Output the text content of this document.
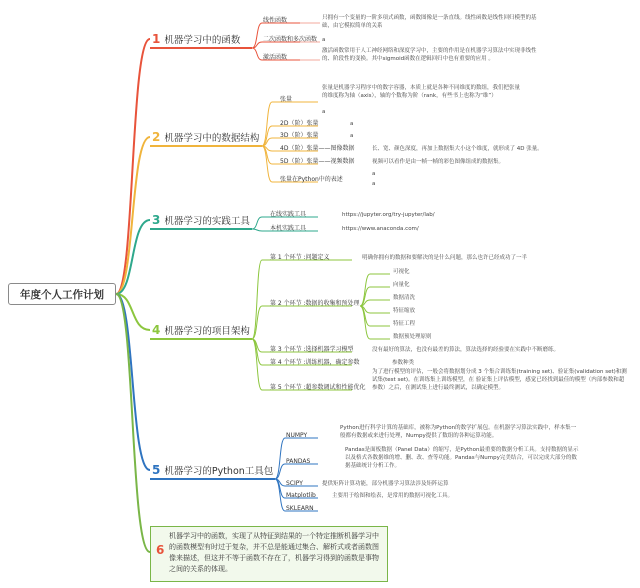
年度个人工作计划
1 机器学习中的函数
线性函数	只拥有一个变量的一阶多项式函数，函数图像是一条直线。线性函数是线性回归模型的基础，由它模拟简单的关系
二次函数和多次函数 a
激活函数
激活函数常用于人工神经网络和深度学习中，主要的作用是在机器学习算法中实现非线性的、阶段性的变换。其中sigmoid函数在逻辑回归中也有重要的应用 。
2 机器学习中的数据结构
张量
张量是机器学习程序中的数字容器，本质上就是各种不同维度的数组，我们把张量的维度称为轴（axis），轴的个数称为阶（rank，有些书上也称为“维”）
a
2D（阶）张量	a
3D（阶）张量	a
4D（阶）张量——图像数据	长、宽、颜色深度，再加上数据集大小这个维度，就形成了 4D 张量。
5D（阶）张量——视频数据	视频可以看作是由一帧一帧的彩色图像组成的数据集。
张量在Python中的表述
a
a
3 机器学习的实践工具
在线实践工具	https://jupyter.org/try-jupyter/lab/
本机实践工具	https://www.anaconda.com/
4 机器学习的项目架构
第 1 个环节 :问题定义	明确你拥有的数据和要解决的是什么问题，那么也许已经成功了一半
第 2 个环节 :数据的收集和预处理
可视化
向量化
数据清洗
特征缩放
特征工程
数据预处理原则
第 3 个环节 :选择机器学习模型	没有最好的算法，也没有最差的算法，算法选择的经验要在实践中不断磨练。
第 4 个环节 :训练机器，确定参数	参数种类
第 5 个环节 :超参数调试和性能优化
为了进行模型的评估，一般会将数据划分成 3 个集合训练集(training set)、验证集(validation set)和测试集(test set)。在训练集上训练模型，在 验证集上评估模型，感觉已经找到最佳的模型（内部参数和超参数）之后，在测试集上进行最终测试，以确定模型。
5 机器学习的Python工具包
NUMPY
Python进行科学计算的基础库，被称为Python的数学扩展包。在机器学习算法实践中，样本集一般都有数据或来进行处理，Numpy提供了数组的各种运算功能。
PANDAS
Pandas是面板数据（Panel Data）的缩写，是Python最重要的数据分析工具。支持数据的显示以及格式各数据维的增、删、改、查等功能。Pandas与Numpy完美结合，可以完成大部分的数据基础统计分析工作。
SCIPY	提供矩阵计算功能，部分机器学习算法涉及矩阵运算
Matplotlib	主要用于绘图和绘表，是常用的数据可视化工具。
SKLEARN
6
机器学习中的函数，实现了从特征到结果的一个特定推断机器学习中的函数模型有时过于复杂，并不总是能通过集合、解析式或者函数图像来描述，但这并不等于函数不存在了，机器学习得到的函数是事物之间的关系的体现。
